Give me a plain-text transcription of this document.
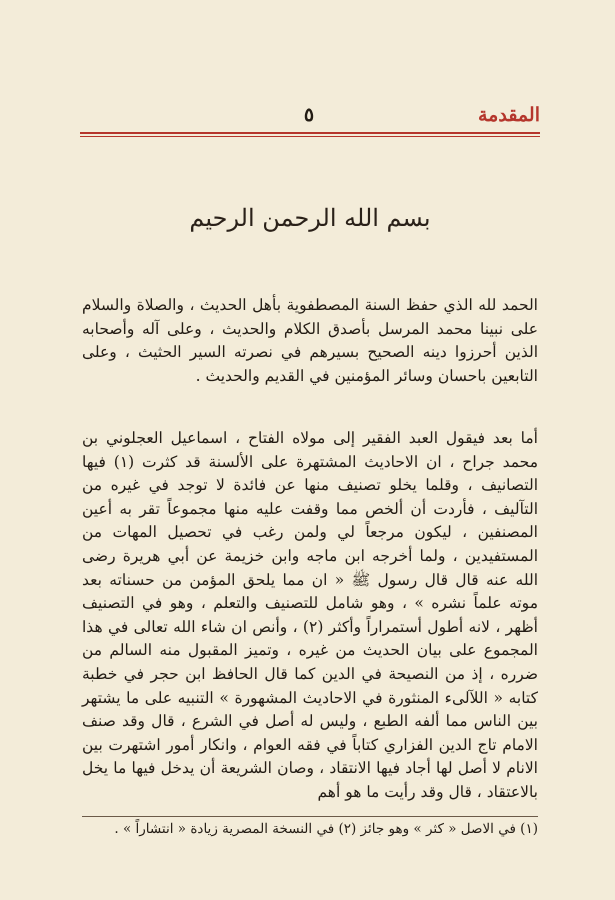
المقدمة
٥
بسم الله الرحمن الرحيم
الحمد لله الذي حفظ السنة المصطفوية بأهل الحديث ، والصلاة والسلام على نبينا محمد المرسل بأصدق الكلام والحديث ، وعلى آله وأصحابه الذين أحرزوا دينه الصحيح بسيرهم في نصرته السير الحثيث ، وعلى التابعين باحسان وسائر المؤمنين في القديم والحديث .
أما بعد فيقول العبد الفقير إلى مولاه الفتاح ، اسماعيل العجلوني بن محمد جراح ، ان الاحاديث المشتهرة على الألسنة قد كثرت (١) فيها التصانيف ، وقلما يخلو تصنيف منها عن فائدة لا توجد في غيره من التآليف ، فأردت أن ألخص مما وقفت عليه منها مجموعاً تقر به أعين المصنفين ، ليكون مرجعاً لي ولمن رغب في تحصيل المهات من المستفيدين ، ولما أخرجه ابن ماجه وابن خزيمة عن أبي هريرة رضى الله عنه قال قال رسول ﷺ « ان مما يلحق المؤمن من حسناته بعد موته علماً نشره » ، وهو شامل للتصنيف والتعلم ، وهو في التصنيف أظهر ، لانه أطول أستمراراً وأكثر (٢) ، وأنص ان شاء الله تعالى في هذا المجموع على بيان الحديث من غيره ، وتميز المقبول منه السالم من ضرره ، إذ من النصيحة في الدين كما قال الحافظ ابن حجر في خطبة كتابه « اللآلىء المنثورة في الاحاديث المشهورة » التنبيه على ما يشتهر بين الناس مما ألفه الطبع ، وليس له أصل في الشرع ، قال وقد صنف الامام تاج الدين الفزاري كتاباً في فقه العوام ، وانكار أمور اشتهرت بين الانام لا أصل لها أجاد فيها الانتقاد ، وصان الشريعة أن يدخل فيها ما يخل بالاعتقاد ، قال وقد رأيت ما هو أهم
(١) في الاصل « كثر » وهو جائز (٢) في النسخة المصرية زيادة « انتشاراً » .
